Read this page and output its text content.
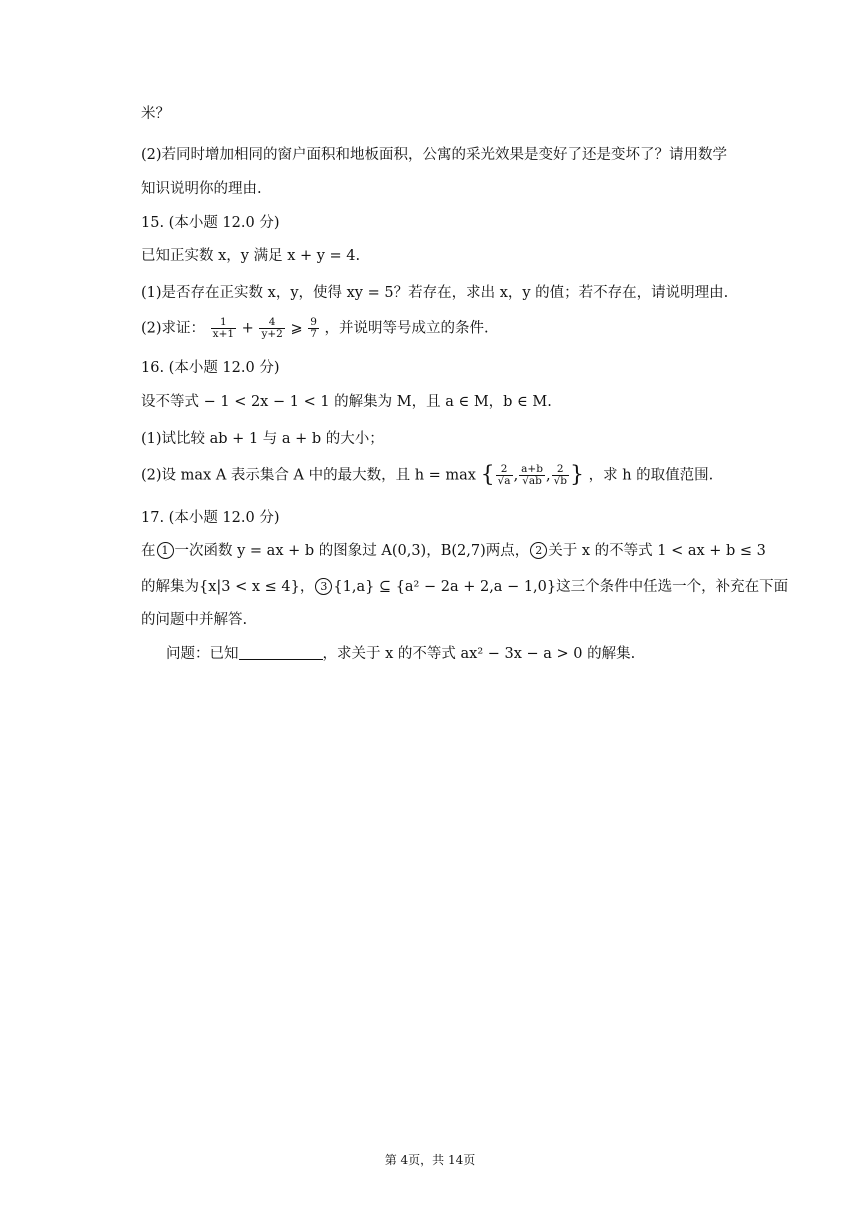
米？
(2)若同时增加相同的窗户面积和地板面积，公寓的采光效果是变好了还是变坏了？请用数学
知识说明你的理由.
15. (本小题 12.0 分)
已知正实数 x，y 满足 x + y = 4.
(1)是否存在正实数 x，y，使得 xy = 5？若存在，求出 x，y 的值；若不存在，请说明理由.
(2)求证： $\frac{1}{x+1} + \frac{4}{y+2}$ ⩾ $\frac{9}{7}$ ，并说明等号成立的条件.
16. (本小题 12.0 分)
设不等式 − 1 < 2x − 1 < 1 的解集为 M，且 a ∈ M，b ∈ M.
(1)试比较 ab + 1 与 a + b 的大小；
(2)设 max A 表示集合 A 中的最大数，且 h = max { $\frac{2}{√a}$ , $\frac{a+b}{√ab}$ , $\frac{2}{√b}$ } ，求 h 的取值范围.
17. (本小题 12.0 分)
在 1 一次函数 y = ax + b 的图象过 A(0,3)，B(2,7)两点， 2 关于 x 的不等式 1 < ax + b ≤ 3
的解集为{x|3 < x ≤ 4}， 3 {1,a} ⊆ {a² − 2a + 2,a − 1,0}这三个条件中任选一个，补充在下面
的问题中并解答.
问题：已知	，求关于 x 的不等式 ax² − 3x − a > 0 的解集.
第 4页，共 14页
